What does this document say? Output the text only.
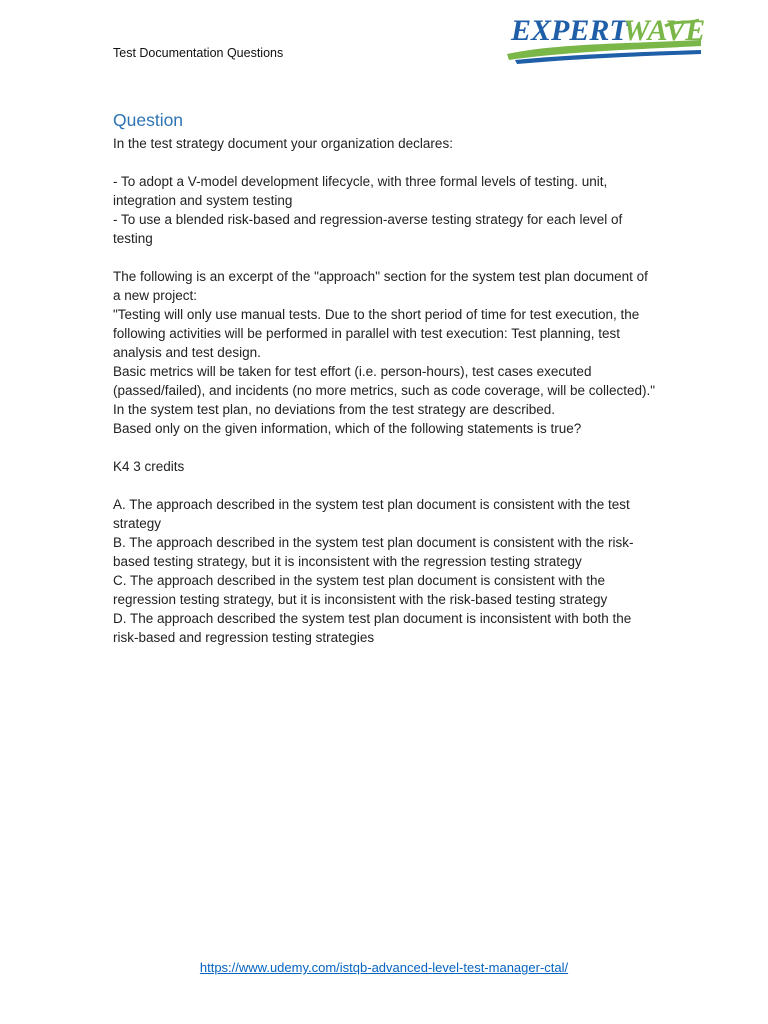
Test Documentation Questions
EXPERT
WAVE
Question

In the test strategy document your organization declares:

- To adopt a V-model development lifecycle, with three formal levels of testing. unit, integration and system testing

- To use a blended risk-based and regression-averse testing strategy for each level of testing

The following is an excerpt of the "approach" section for the system test plan document of a new project:

"Testing will only use manual tests. Due to the short period of time for test execution, the following activities will be performed in parallel with test execution: Test planning, test analysis and test design.

Basic metrics will be taken for test effort (i.e. person-hours), test cases executed (passed/failed), and incidents (no more metrics, such as code coverage, will be collected)."

In the system test plan, no deviations from the test strategy are described.

Based only on the given information, which of the following statements is true?

K4 3 credits

A. The approach described in the system test plan document is consistent with the test strategy

B. The approach described in the system test plan document is consistent with the risk-based testing strategy, but it is inconsistent with the regression testing strategy

C. The approach described in the system test plan document is consistent with the regression testing strategy, but it is inconsistent with the risk-based testing strategy

D. The approach described the system test plan document is inconsistent with both the risk-based and regression testing strategies

https://www.udemy.com/istqb-advanced-level-test-manager-ctal/
